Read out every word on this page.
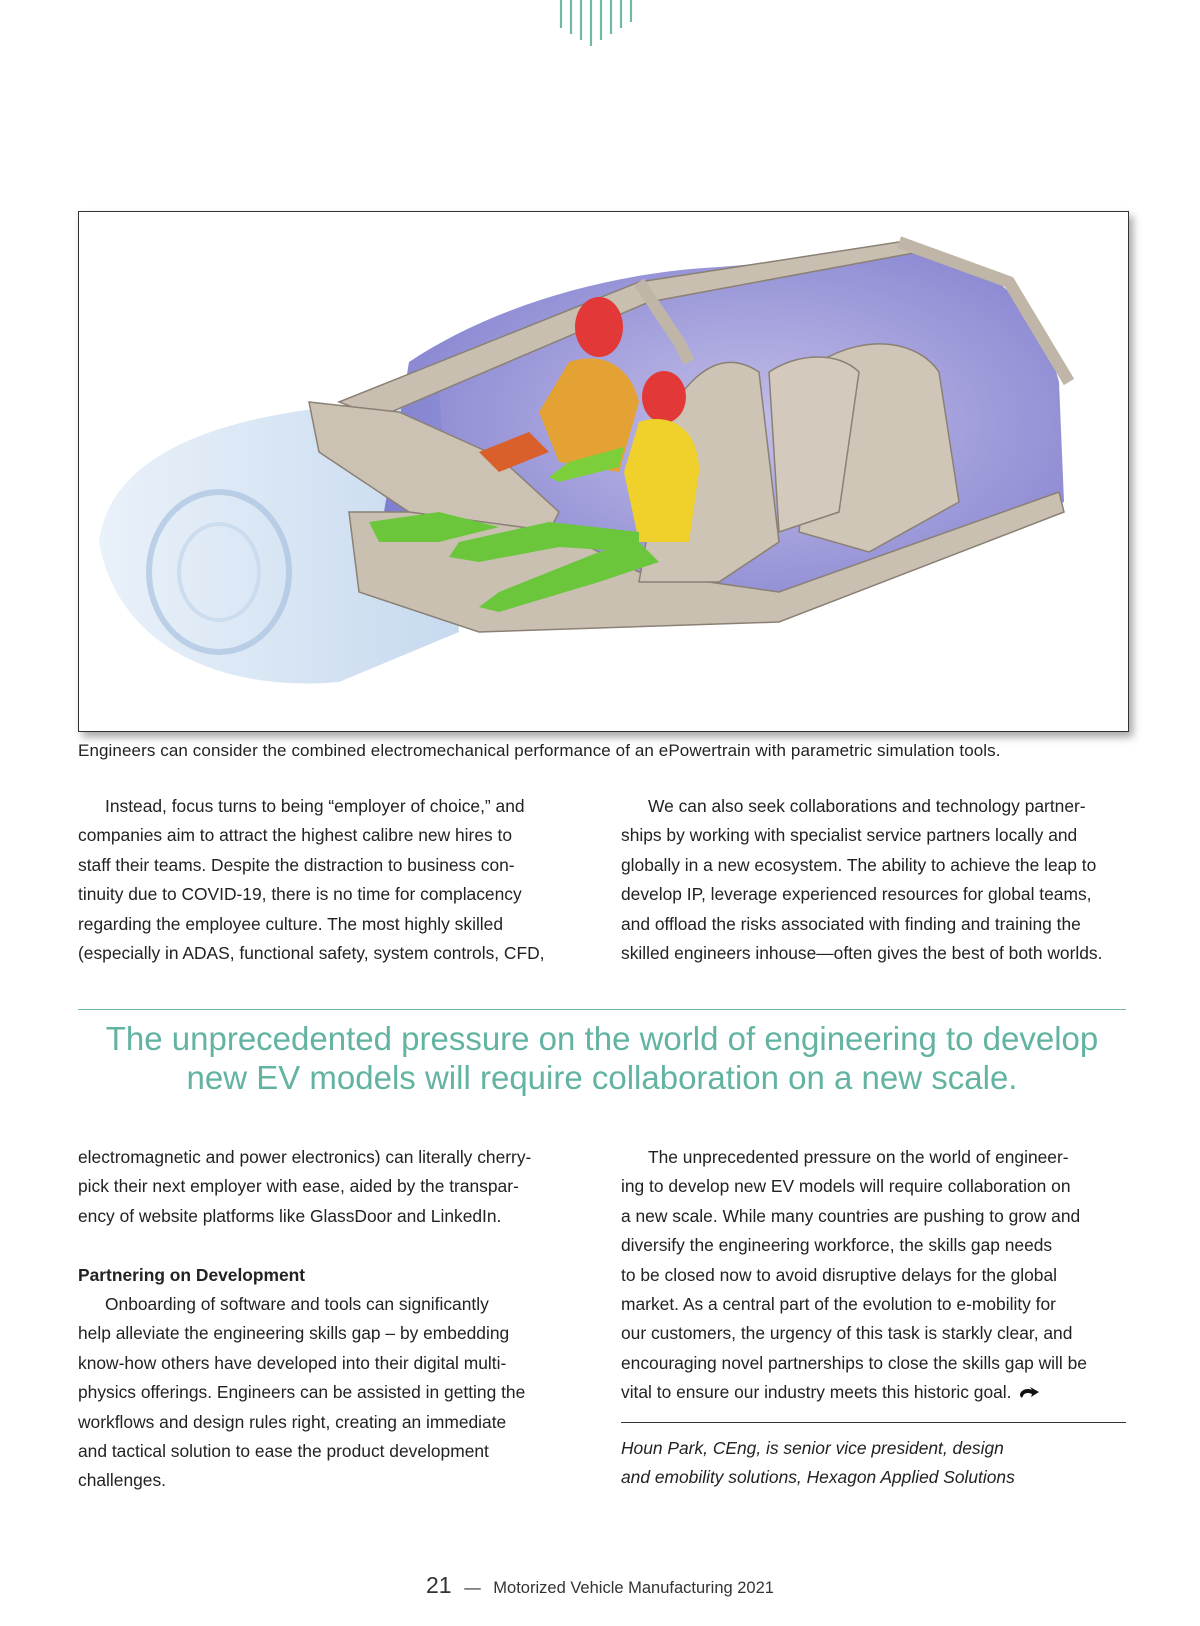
Engineers can consider the combined electromechanical performance of an ePowertrain with parametric simulation tools.

Instead, focus turns to being “employer of choice,” and

companies aim to attract the highest calibre new hires to

staff their teams. Despite the distraction to business con-

tinuity due to COVID-19, there is no time for complacency

regarding the employee culture. The most highly skilled

(especially in ADAS, functional safety, system controls, CFD,

We can also seek collaborations and technology partner-

ships by working with specialist service partners locally and

globally in a new ecosystem. The ability to achieve the leap to

develop IP, leverage experienced resources for global teams,

and offload the risks associated with finding and training the

skilled engineers inhouse—often gives the best of both worlds.

The unprecedented pressure on the world of engineering to develop

new EV models will require collaboration on a new scale.

electromagnetic and power electronics) can literally cherry-

pick their next employer with ease, aided by the transpar-

ency of website platforms like GlassDoor and LinkedIn.

Partnering on Development

Onboarding of software and tools can significantly

help alleviate the engineering skills gap – by embedding

know-how others have developed into their digital multi-

physics offerings. Engineers can be assisted in getting the

workflows and design rules right, creating an immediate

and tactical solution to ease the product development

challenges.

The unprecedented pressure on the world of engineer-

ing to develop new EV models will require collaboration on

a new scale. While many countries are pushing to grow and

diversify the engineering workforce, the skills gap needs

to be closed now to avoid disruptive delays for the global

market. As a central part of the evolution to e-mobility for

our customers, the urgency of this task is starkly clear, and

encouraging novel partnerships to close the skills gap will be

vital to ensure our industry meets this historic goal.

Houn Park, CEng, is senior vice president, design

and emobility solutions, Hexagon Applied Solutions

21 — Motorized Vehicle Manufacturing 2021
